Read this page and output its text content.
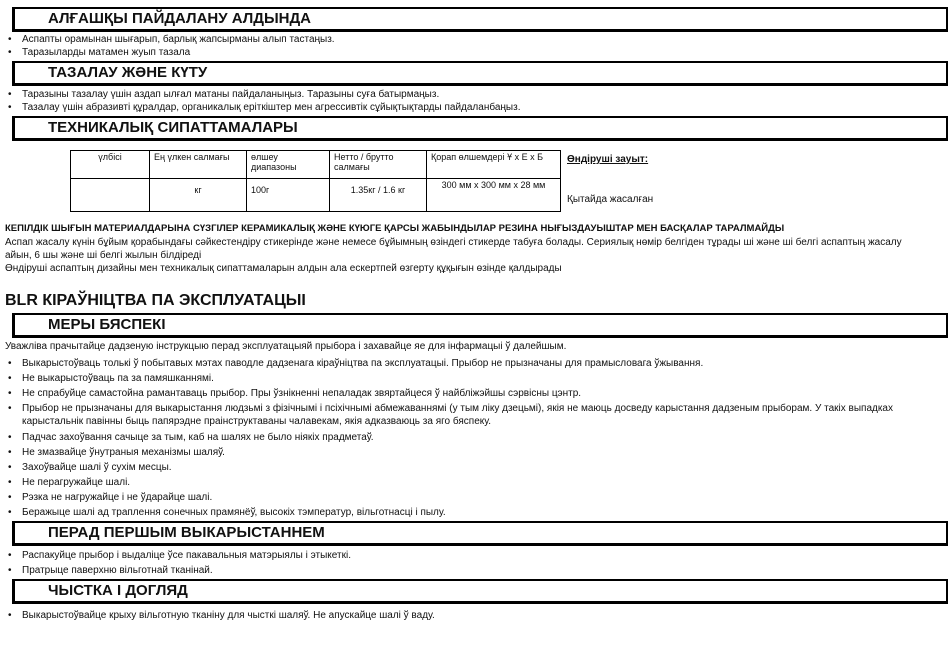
АЛҒАШҚЫ ПАЙДАЛАНУ АЛДЫНДА
• Аспапты орамынан шығарып, барлық жапсырманы алып тастаңыз.
• Таразыларды матамен жуып тазала
ТАЗАЛАУ ЖӘНЕ КҮТУ
• Таразыны тазалау үшін аздап ылғал матаны пайдаланыңыз. Таразыны суға батырмаңыз.
• Тазалау үшін абразивті құралдар, органикалық еріткіштер мен агрессивтік сұйықтықтарды пайдаланбаңыз.
ТЕХНИКАЛЫҚ СИПАТТАМАЛАРЫ
үлбісі	Ең үлкен салмағы	өлшеу диапазоны	Нетто / брутто салмағы	Қорап өлшемдері Ұ х Е х Б
	кг	100г	1.35кг / 1.6 кг	300 мм х 300 мм х 28 мм
Өндіруші зауыт:
Қытайда жасалған
КЕПІЛДІК ШЫҒЫН МАТЕРИАЛДАРЫНА СҮЗГІЛЕР КЕРАМИКАЛЫҚ ЖӘНЕ КҮЮГЕ ҚАРСЫ ЖАБЫНДЫЛАР РЕЗИНА НЫҒЫЗДАУЫШТАР МЕН БАСҚАЛАР ТАРАЛМАЙДЫ
Аспап жасалу күнін бұйым қорабындағы сәйкестендіру стикерінде және немесе бұйымның өзіндегі стикерде табуға болады. Сериялық нөмір белгіден тұрады ші және ші белгі аспаптың жасалу
айын, 6 шы және ші белгі жылын білдіреді
Өндіруші аспаптың дизайны мен техникалық сипаттамаларын алдын ала ескертпей өзгерту құқығын өзінде қалдырады
BLR КІРАЎНІЦТВА ПА ЭКСПЛУАТАЦЫІ
МЕРЫ БЯСПЕКІ
Уважліва прачытайце дадзеную інструкцыю перад эксплуатацыяй прыбора і захавайце яе для інфармацыі ў далейшым.
• Выкарыстоўваць толькі ў побытавых мэтах паводле дадзенага кіраўніцтва па эксплуатацыі. Прыбор не прызначаны для прамысловага ўжывання.
• Не выкарыстоўваць па за памяшканнямі.
• Не спрабуйце самастойна рамантаваць прыбор. Пры ўзнікненні непаладак звяртайцеся ў найбліжэйшы сэрвісны цэнтр.
• Прыбор не прызначаны для выкарыстання людзьмі з фізічнымі і псіхічнымі абмежаваннямі (у тым ліку дзецьмі), якія не маюць досведу карыстання дадзеным прыборам. У такіх выпадках карыстальнік павінны быць папярэдне праінструктаваны чалавекам, якія адказваюць за яго бяспеку.
• Падчас захоўвання сачыце за тым, каб на шалях не было ніякіх прадметаў.
• Не змазвайце ўнутраныя механізмы шаляў.
• Захоўвайце шалі ў сухім месцы.
• Не перагружайце шалі.
• Рэзка не нагружайце і не ўдарайце шалі.
• Беражыце шалі ад траплення сонечных прамянёў, высокіх тэмператур, вільготнасці і пылу.
ПЕРАД ПЕРШЫМ ВЫКАРЫСТАННЕМ
• Распакуйце прыбор і выдаліце ўсе пакавальныя матэрыялы і этыкеткі.
• Пратрыце паверхню вільготнай тканінай.
ЧЫСТКА І ДОГЛЯД
• Выкарыстоўвайце крыху вільготную тканіну для чысткі шаляў. Не апускайце шалі ў ваду.
